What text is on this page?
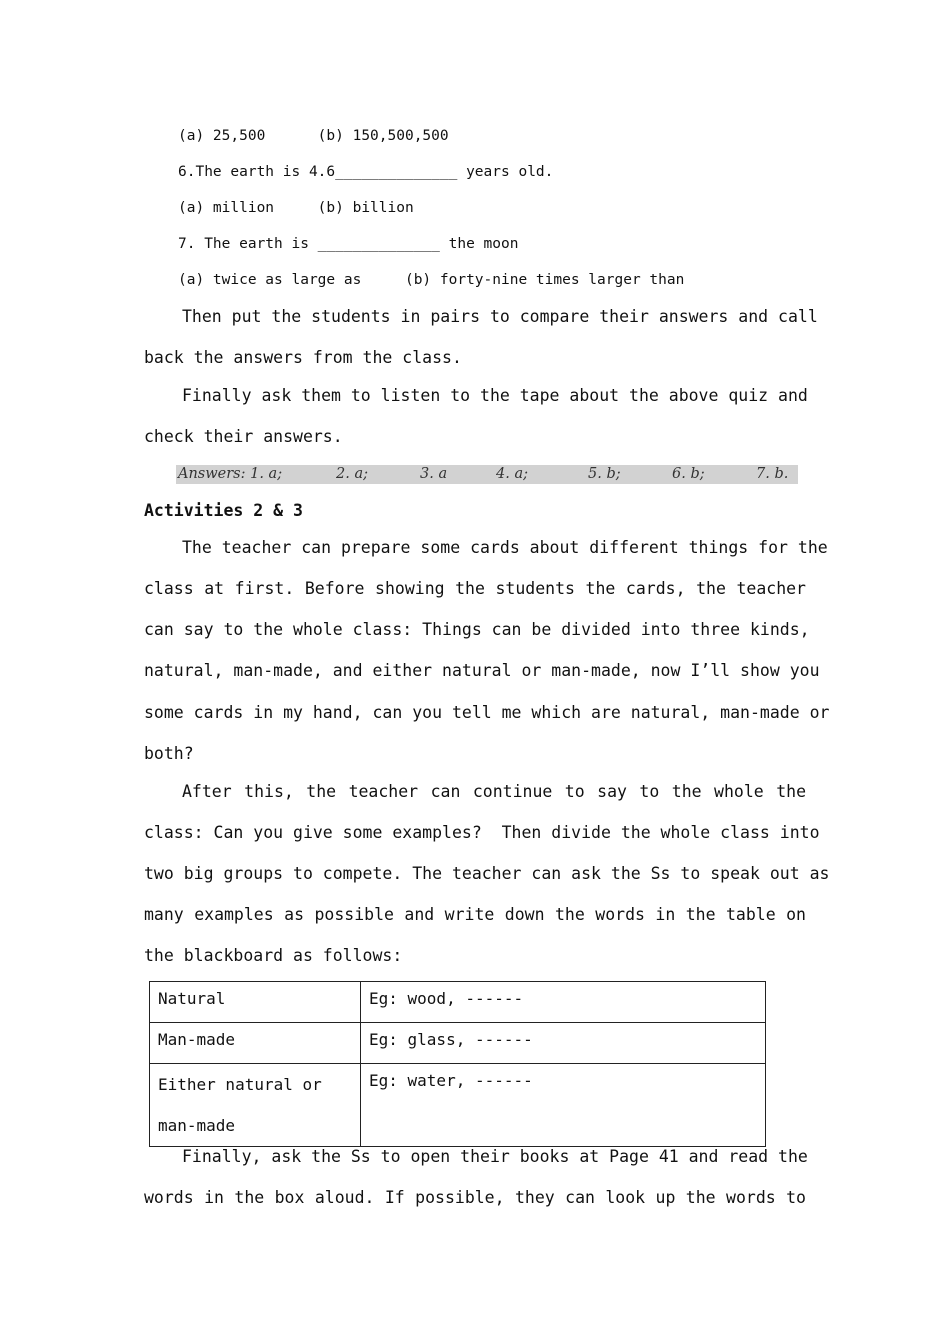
(a) 25,500      (b) 150,500,500
6.The earth is 4.6______________ years old.
(a) million     (b) billion
7. The earth is ______________ the moon
(a) twice as large as     (b) forty-nine times larger than
Then put the students in pairs to compare their answers and call
back the answers from the class.
Finally ask them to listen to the tape about the above quiz and
check their answers.
Answers: 1. a;	2. a;	3. a	4. a;	5. b;	6. b;	7. b.
Activities 2 & 3
The teacher can prepare some cards about different things for the
class at first. Before showing the students the cards, the teacher
can say to the whole class: Things can be divided into three kinds,
natural, man-made, and either natural or man-made, now I’ll show you
some cards in my hand, can you tell me which are natural, man-made or
both?
After this, the teacher can continue to say to the whole the
class: Can you give some examples?  Then divide the whole class into
two big groups to compete. The teacher can ask the Ss to speak out as
many examples as possible and write down the words in the table on
the blackboard as follows:
Natural	Eg: wood, ------
Man-made	Eg: glass, ------

Either natural or
man-made	Eg: water, ------
Finally, ask the Ss to open their books at Page 41 and read the
words in the box aloud. If possible, they can look up the words to
